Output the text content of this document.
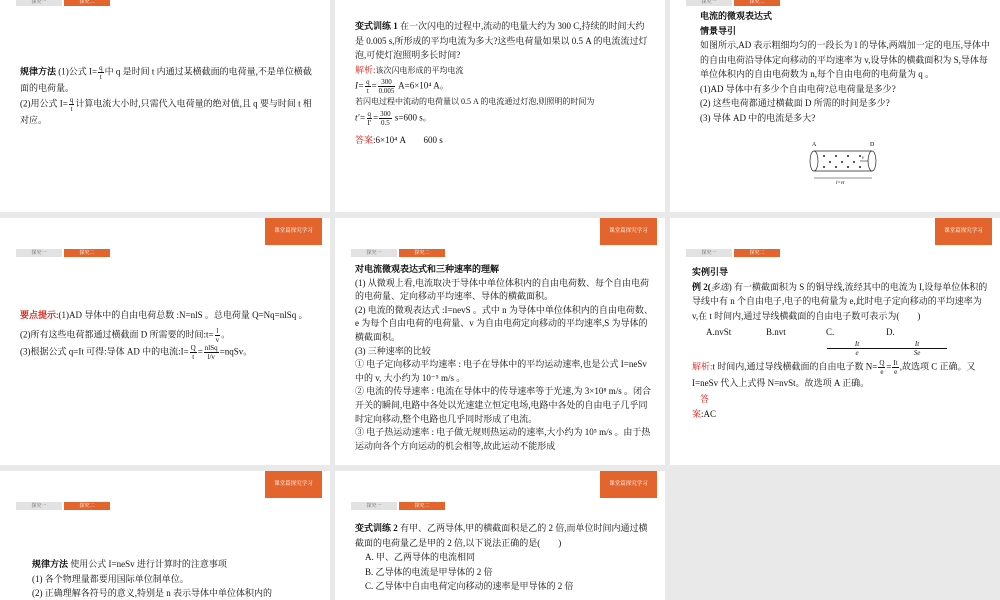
探究一	探究二

规律方法 (1)公式 $I= \frac{q}{t}$ 中 q 是时间 t 内通过某横截面的电荷量,不是单位横截面的电荷量。

(2)用公式 $I= \frac{q}{t}$ 计算电流大小时,只需代入电荷量的绝对值,且 q 要与时间 t 相对应。

变式训练 1 在一次闪电的过程中,流动的电量大约为 300 C,持续的时间大约是 0.005 s,所形成的平均电流为多大?这些电荷量如果以 0.5 A 的电流流过灯泡,可使灯泡照明多长时间?

解析:该次闪电形成的平均电流

$I= \frac{q}{t} = \frac{300}{0.005} A=6\times 10^4$ A。

若闪电过程中流动的电荷量以 0.5 A 的电流通过灯泡,则照明的时间为

$t'= \frac{q}{I'} = \frac{300}{0.5} s=600$ s。

答案:6×10⁴ A　　600 s

探究一	探究二

电流的微观表达式

情景导引

如图所示,AD 表示粗细均匀的一段长为 l 的导体,两端加一定的电压,导体中的自由电荷沿导体定向移动的平均速率为 v,设导体的横截面积为 S,导体每单位体积内的自由电荷数为 n,每个自由电荷的电荷量为 q 。

(1)AD 导体中有多少个自由电荷?总电荷量是多少?

(2) 这些电荷都通过横截面 D 所需的时间是多少?

(3) 导体 AD 中的电流是多大?

A	D
v
l=vt
课堂篇探究学习
探究一	探究二

要点提示:(1)AD 导体中的自由电荷总数 :N=nlS 。总电荷量 Q=Nq=nlSq 。

(2)所有这些电荷都通过横截面 D 所需要的时间:t= $\frac{l}{v}$ 。

(3)根据公式 q=It 可得:导体 AD 中的电流:I= $\frac{Q}{t} = \frac{\text{nlSq}}{l/v}$ =nqSv。

课堂篇探究学习
探究一	探究二

对电流微观表达式和三种速率的理解

(1) 从微观上看,电流取决于导体中单位体积内的自由电荷数、每个自由电荷的电荷量、定向移动平均速率、导体的横截面积。

(2) 电流的微观表达式 :I=nevS 。式中 n 为导体中单位体积内的自由电荷数、e 为每个自由电荷的电荷量、v 为自由电荷定向移动的平均速率,S 为导体的横截面积。

(3) 三种速率的比较

① 电子定向移动平均速率 : 电子在导体中的平均运动速率,也是公式 I=neSv 中的 v, 大小约为 10⁻⁵ m/s 。

② 电流的传导速率 : 电流在导体中的传导速率等于光速,为 3×10⁸ m/s 。闭合开关的瞬间,电路中各处以光速建立恒定电场,电路中各处的自由电子几乎同时定向移动,整个电路也几乎同时形成了电流。

③ 电子热运动速率 : 电子做无规则热运动的速率,大小约为 10⁵ m/s 。由于热运动向各个方向运动的机会相等,故此运动不能形成

课堂篇探究学习
探究一	探究二

实例引导

例 2(多选) 有一横截面积为 S 的铜导线,流经其中的电流为 I,设每单位体积的导线中有 n 个自由电子,电子的电荷量为 e,此时电子定向移动的平均速率为 v,在 t 时间内,通过导线横截面的自由电子数可表示为(　　)

A.nvSt	B.nvt	C.
$\frac{It}{e}$
D.
$\frac{It}{Se}$

解析:t 时间内,通过导线横截面的自由电子数 $N= \frac{Q}{e} = \frac{It}{e}$ ,故选项 C 正确。又 I=neSv 代入上式得 N=nvSt。故选项 A 正确。

答

案:AC

课堂篇探究学习
探究一	探究二

规律方法 使用公式 I=neSv 进行计算时的注意事项

(1) 各个物理量都要用国际单位制单位。

(2) 正确理解各符号的意义,特别是 n 表示导体中单位体积内的

课堂篇探究学习
探究一	探究二

变式训练 2 有甲、乙两导体,甲的横截面积是乙的 2 倍,而单位时间内通过横截面的电荷量乙是甲的 2 倍,以下说法正确的是(　　)

A. 甲、乙两导体的电流相同

B. 乙导体的电流是甲导体的 2 倍

C. 乙导体中自由电荷定向移动的速率是甲导体的 2 倍
